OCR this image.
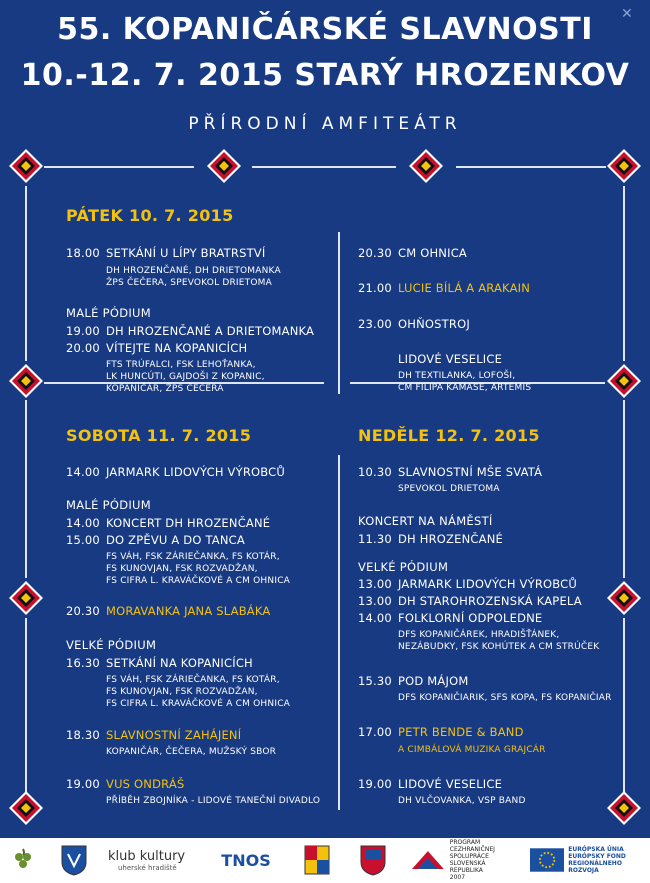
55. KOPANIČÁRSKÉ SLAVNOSTI
10.-12. 7. 2015 STARÝ HROZENKOV
PŘÍRODNÍ AMFITEÁTR
✕
PÁTEK 10. 7. 2015
18.00 SETKÁNÍ U LÍPY BRATRSTVÍ
DH HROZENČANÉ, DH DRIETOMANKA
ŽPS ČEČERA, SPEVOKOL DRIETOMA
MALÉ PÓDIUM
19.00 DH HROZENČANÉ A DRIETOMANKA
20.00 VÍTEJTE NA KOPANICÍCH
FTS TRÚFALCI, FSK LEHOŤANKA,
LK HUNCÚTI, GAJDOŠI Z KOPANIC,
KOPANIČÁR, ŽPS ČEČERA
20.30 CM OHNICA
21.00 LUCIE BÍLÁ A ARAKAIN
23.00 OHŇOSTROJ
LIDOVÉ VESELICE
DH TEXTILANKA, LOFOŠI,
CM FILIPA KAMASE, ARTEMIS
SOBOTA 11. 7. 2015
14.00 JARMARK LIDOVÝCH VÝROBCŮ
MALÉ PÓDIUM
14.00 KONCERT DH HROZENČANÉ
15.00 DO ZPĚVU A DO TANCA
FS VÁH, FSK ZÁRIEČANKA, FS KOTÁR,
FS KUNOVJAN, FSK ROZVADŽAN,
FS CIFRA L. KRAVÁČKOVÉ A CM OHNICA
20.30 MORAVANKA JANA SLABÁKA
VELKÉ PÓDIUM
16.30 SETKÁNÍ NA KOPANICÍCH
FS VÁH, FSK ZÁRIEČANKA, FS KOTÁR,
FS KUNOVJAN, FSK ROZVADŽAN,
FS CIFRA L. KRAVÁČKOVÉ A CM OHNICA
18.30 SLAVNOSTNÍ ZAHÁJENÍ
KOPANIČÁR, ČEČERA, MUŽSKÝ SBOR
19.00 VUS ONDRÁŠ
PŘÍBĚH ZBOJNÍKA - LIDOVÉ TANEČNÍ DIVADLO
NEDĚLE 12. 7. 2015
10.30 SLAVNOSTNÍ MŠE SVATÁ
SPEVOKOL DRIETOMA
KONCERT NA NÁMĚSTÍ
11.30 DH HROZENČANÉ
VELKÉ PÓDIUM
13.00 JARMARK LIDOVÝCH VÝROBCŮ
13.00 DH STAROHROZENSKÁ KAPELA
14.00 FOLKLORNÍ ODPOLEDNE
DFS KOPANIČÁREK, HRADIŠŤÁNEK,
NEZÁBUDKY, FSK KOHÚTEK A CM STRÚČEK
15.30 POD MÁJOM
DFS KOPANIČIARIK, SFS KOPA, FS KOPANIČIAR
17.00 PETR BENDE & BAND
A CIMBÁLOVÁ MUZIKA GRAJCÁR
19.00 LIDOVÉ VESELICE
DH VLČOVANKA, VSP BAND
klub kultury
uherské hradiště	TNOS
PROGRAM
CEZHRANIČNEJ
SPOLUPRÁCE
SLOVENSKÁ REPUBLIKA
2007
EURÓPSKA ÚNIA
EURÓPSKY FOND
REGIONÁLNEHO ROZVOJA
